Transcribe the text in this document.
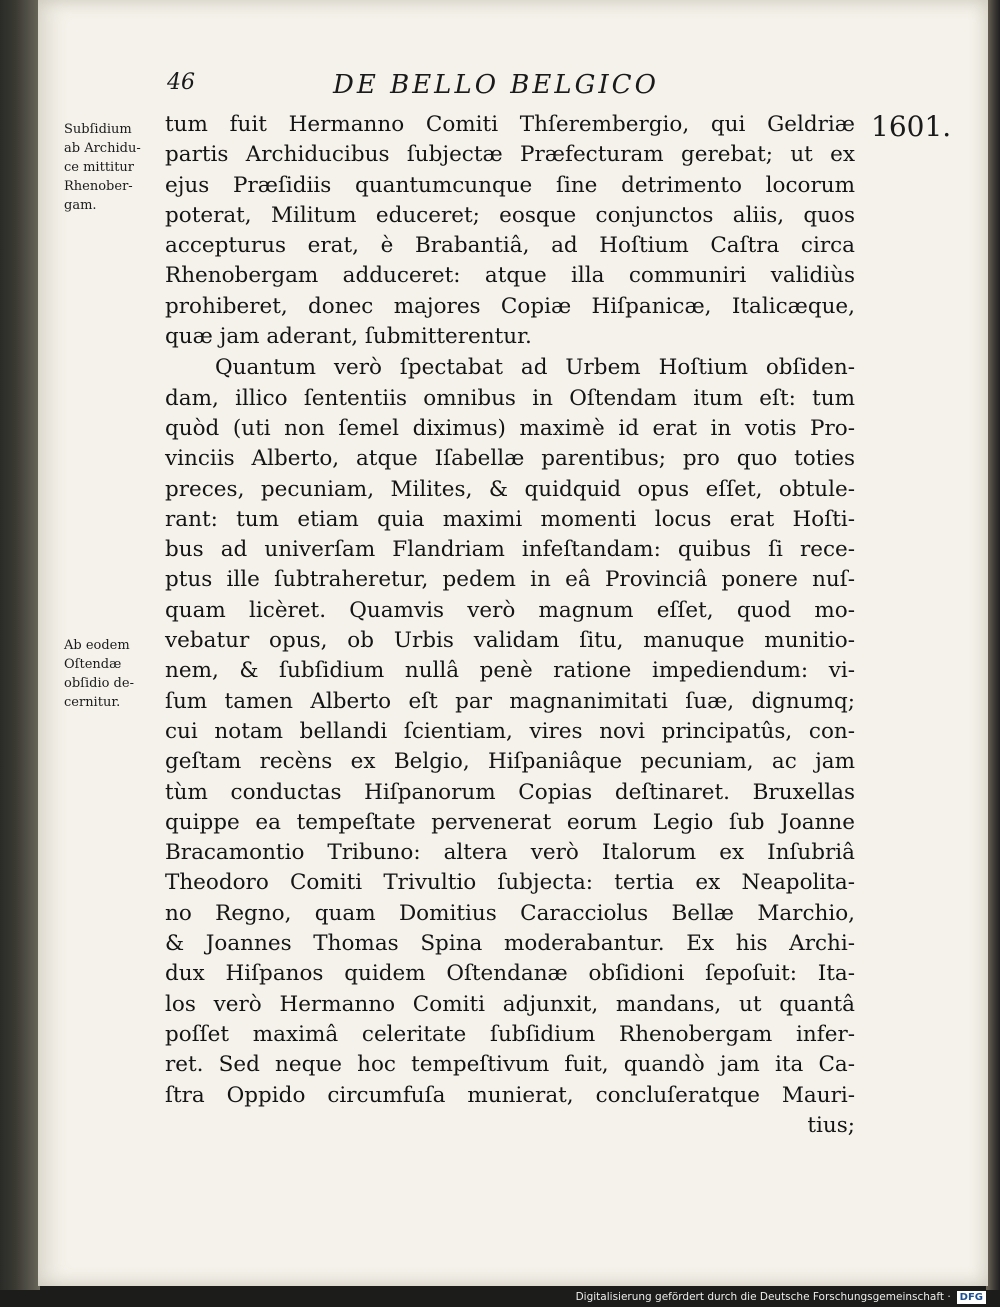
46	DE BELLO BELGICO
1601.
Subſidium
ab Archidu-
ce mittitur
Rhenober-
gam.
Ab eodem
Oſtendæ
obſidio de-
cernitur.
tum fuit Hermanno Comiti Thſerembergio, qui Geldriæ
partis Archiducibus ſubjectæ Præfecturam gerebat; ut ex
ejus Præſidiis quantumcunque ſine detrimento locorum
poterat, Militum educeret; eosque conjunctos aliis, quos
accepturus erat, è Brabantiâ, ad Hoſtium Caſtra circa
Rhenobergam adduceret: atque illa communiri validiùs
prohiberet, donec majores Copiæ Hiſpanicæ, Italicæque,
quæ jam aderant, ſubmitterentur.
Quantum verò ſpectabat ad Urbem Hoſtium obſiden-
dam, illico ſententiis omnibus in Oſtendam itum eſt: tum
quòd (uti non ſemel diximus) maximè id erat in votis Pro-
vinciis Alberto, atque Iſabellæ parentibus; pro quo toties
preces, pecuniam, Milites, & quidquid opus eſſet, obtule-
rant: tum etiam quia maximi momenti locus erat Hoſti-
bus ad univerſam Flandriam infeſtandam: quibus ſi rece-
ptus ille ſubtraheretur, pedem in eâ Provinciâ ponere nuſ-
quam licèret. Quamvis verò magnum eſſet, quod mo-
vebatur opus, ob Urbis validam ſitu, manuque munitio-
nem, & ſubſidium nullâ penè ratione impediendum: vi-
ſum tamen Alberto eſt par magnanimitati ſuæ, dignumq;
cui notam bellandi ſcientiam, vires novi principatûs, con-
geſtam recèns ex Belgio, Hiſpaniâque pecuniam, ac jam
tùm conductas Hiſpanorum Copias deſtinaret. Bruxellas
quippe ea tempeſtate pervenerat eorum Legio ſub Joanne
Bracamontio Tribuno: altera verò Italorum ex Inſubriâ
Theodoro Comiti Trivultio ſubjecta: tertia ex Neapolita-
no Regno, quam Domitius Caracciolus Bellæ Marchio,
& Joannes Thomas Spina moderabantur. Ex his Archi-
dux Hiſpanos quidem Oſtendanæ obſidioni ſepoſuit: Ita-
los verò Hermanno Comiti adjunxit, mandans, ut quantâ
poſſet maximâ celeritate ſubſidium Rhenobergam infer-
ret. Sed neque hoc tempeſtivum fuit, quandò jam ita Ca-
ſtra Oppido circumfuſa munierat, concluſeratque Mauri-
tius;
Digitalisierung gefördert durch die Deutsche Forschungsgemeinschaft · DFG
